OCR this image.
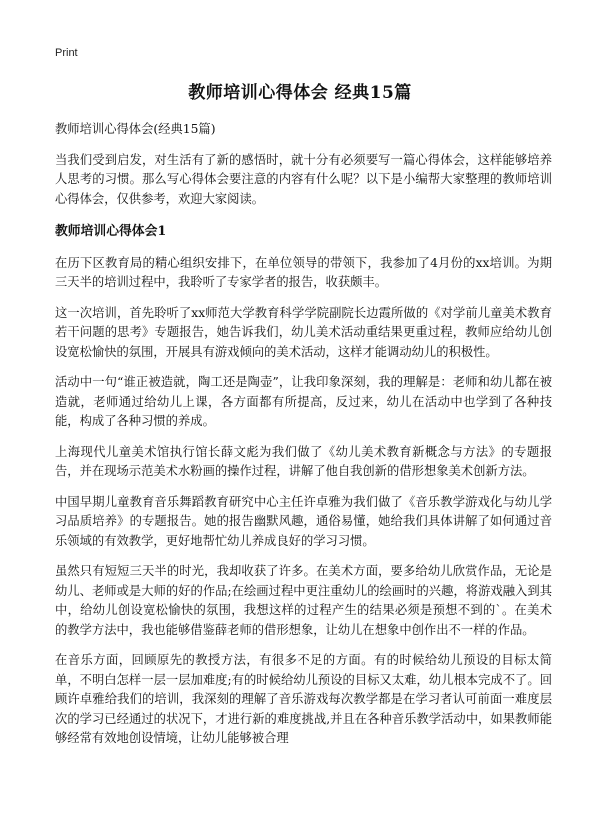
Print
教师培训心得体会 经典15篇

教师培训心得体会(经典15篇)

当我们受到启发，对生活有了新的感悟时，就十分有必须要写一篇心得体会，这样能够培养人思考的习惯。那么写心得体会要注意的内容有什么呢？以下是小编帮大家整理的教师培训心得体会，仅供参考，欢迎大家阅读。

教师培训心得体会1

在历下区教育局的精心组织安排下，在单位领导的带领下，我参加了4月份的xx培训。为期三天半的培训过程中，我聆听了专家学者的报告，收获颇丰。

这一次培训，首先聆听了xx师范大学教育科学学院副院长边霞所做的《对学前儿童美术教育若干问题的思考》专题报告，她告诉我们，幼儿美术活动重结果更重过程，教师应给幼儿创设宽松愉快的氛围，开展具有游戏倾向的美术活动，这样才能调动幼儿的积极性。

活动中一句“谁正被造就，陶工还是陶壶”，让我印象深刻，我的理解是：老师和幼儿都在被造就，老师通过给幼儿上课，各方面都有所提高，反过来，幼儿在活动中也学到了各种技能，构成了各种习惯的养成。

上海现代儿童美术馆执行馆长薛文彪为我们做了《幼儿美术教育新概念与方法》的专题报告，并在现场示范美术水粉画的操作过程，讲解了他自我创新的借形想象美术创新方法。

中国早期儿童教育音乐舞蹈教育研究中心主任许卓雅为我们做了《音乐教学游戏化与幼儿学习品质培养》的专题报告。她的报告幽默风趣，通俗易懂，她给我们具体讲解了如何通过音乐领域的有效教学，更好地帮忙幼儿养成良好的学习习惯。

虽然只有短短三天半的时光，我却收获了许多。在美术方面，要多给幼儿欣赏作品，无论是幼儿、老师或是大师的好的作品;在绘画过程中更注重幼儿的绘画时的兴趣，将游戏融入到其中，给幼儿创设宽松愉快的氛围，我想这样的过程产生的结果必须是预想不到的`。在美术的教学方法中，我也能够借鉴薛老师的借形想象，让幼儿在想象中创作出不一样的作品。

在音乐方面，回顾原先的教授方法，有很多不足的方面。有的时候给幼儿预设的目标太简单，不明白怎样一层一层加难度;有的时候给幼儿预设的目标又太难，幼儿根本完成不了。回顾许卓雅给我们的培训，我深刻的理解了音乐游戏每次教学都是在学习者认可前面一难度层次的学习已经通过的状况下，才进行新的难度挑战,并且在各种音乐教学活动中，如果教师能够经常有效地创设情境，让幼儿能够被合理
